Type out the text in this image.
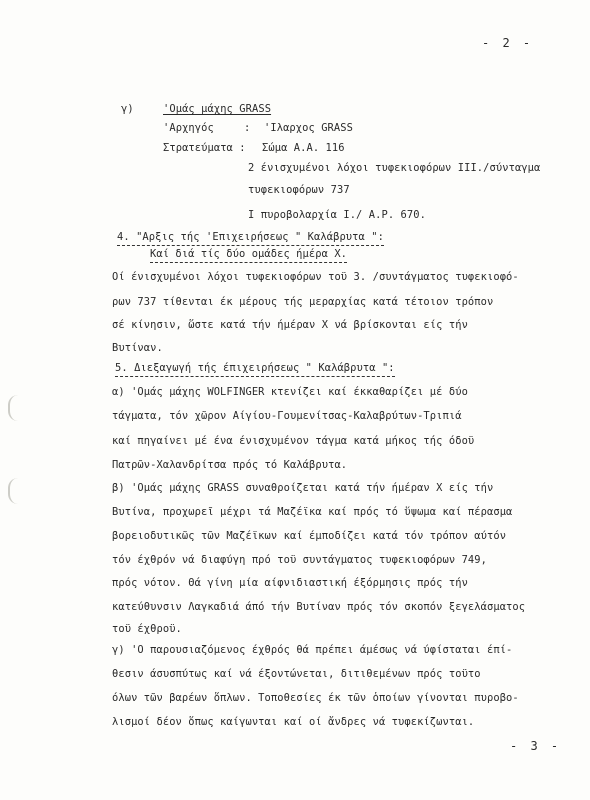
- 2 -
γ)	'Ομάς μάχης GRASS
'Αρχηγός	: 'Ιλαρχος GRASS
Στρατεύματα : Σώμα Α.Α. 116
2 ένισχυμένοι λόχοι τυφεκιοφόρων III./σύνταγμα
τυφεκιοφόρων 737
I πυροβολαρχία I./ A.P. 670.
4. "Αρξις τής 'Επιχειρήσεως " Καλάβρυτα ":
Καί διά τίς δύο ομάδες ήμέρα Χ.
Οί ένισχυμένοι λόχοι τυφεκιοφόρων τοϋ 3. /συντάγματος τυφεκιοφό-
ρων 737 τίθενται έκ μέρους τής μεραρχίας κατά τέτοιον τρόπον
σέ κίνησιν, ὥστε κατά τήν ήμέραν Χ νά βρίσκονται είς τήν
Βυτίναν.
5. Διεξαγωγή τής έπιχειρήσεως " Καλάβρυτα ":
α) 'Ομάς μάχης WOLFINGER κτενίζει καί έκκαθαρίζει μέ δύο
τάγματα, τόν χῶρον Αίγίου-Γουμενίτσας-Καλαβρύτων-Τριπιά
καί πηγαίνει μέ ένα ένισχυμένον τάγμα κατά μήκος τής όδοϋ
Πατρῶν-Χαλανδρίτσα πρός τό Καλάβρυτα.
β) 'Ομάς μάχης GRASS συναθροίζεται κατά τήν ήμέραν Χ είς τήν
Βυτίνα, προχωρεῖ μέχρι τά Μαζέϊκα καί πρός τό ὕψωμα καί πέρασμα
βορειοδυτικῶς τῶν Μαζέϊκων καί έμποδίζει κατά τόν τρόπον αύτόν
τόν έχθρόν νά διαφύγη πρό τοϋ συντάγματος τυφεκιοφόρων 749,
πρός νότον. Θά γίνη μία αίφνιδιαστική έξόρμησις πρός τήν
κατεύθυνσιν Λαγκαδιά άπό τήν Βυτίναν πρός τόν σκοπόν ξεγελάσματος
τοϋ έχθροϋ.
γ) 'Ο παρουσιαζόμενος έχθρός θά πρέπει άμέσως νά ύφίσταται έπί-
θεσιν άσυσπύτως καί νά έξοντώνεται, διτιθεμένων πρός τοϋτο
όλων τῶν βαρέων ὅπλων. Τοποθεσίες έκ τῶν ὁποίων γίνονται πυροβο-
λισμοί δέον ὅπως καίγωνται καί οί ἄνδρες νά τυφεκίζωνται.
- 3 -
